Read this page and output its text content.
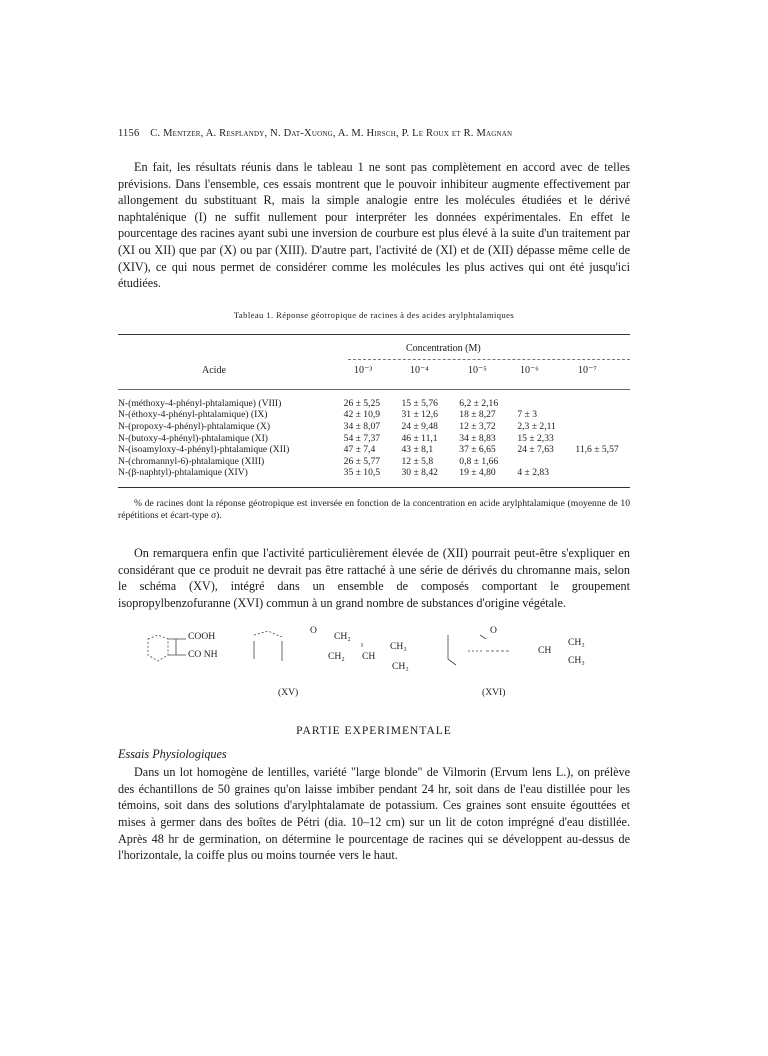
1156 C. Mentzer, A. Resplandy, N. Dat-Xuong, A. M. Hirsch, P. Le Roux et R. Magnan

En fait, les résultats réunis dans le tableau 1 ne sont pas complètement en accord avec de telles prévisions. Dans l'ensemble, ces essais montrent que le pouvoir inhibiteur augmente effectivement par allongement du substituant R, mais la simple analogie entre les molécules étudiées et le dérivé naphtalénique (I) ne suffit nullement pour interpréter les données expérimentales. En effet le pourcentage des racines ayant subi une inversion de courbure est plus élevé à la suite d'un traitement par (XI ou XII) que par (X) ou par (XIII). D'autre part, l'activité de (XI) et de (XII) dépasse même celle de (XIV), ce qui nous permet de considérer comme les molécules les plus actives qui ont été jusqu'ici étudiées.

Tableau 1. Réponse géotropique de racines à des acides arylphtalamiques
Concentration (M)
Acide	10⁻³	10⁻⁴	10⁻⁵	10⁻⁶	10⁻⁷
N-(méthoxy-4-phényl-phtalamique) (VIII)	26 ± 5,25	15 ± 5,76	6,2 ± 2,16		
N-(éthoxy-4-phényl-phtalamique) (IX)	42 ± 10,9	31 ± 12,6	18 ± 8,27	7 ± 3	
N-(propoxy-4-phényl)-phtalamique (X)	34 ± 8,07	24 ± 9,48	12 ± 3,72	2,3 ± 2,11	
N-(butoxy-4-phényl)-phtalamique (XI)	54 ± 7,37	46 ± 11,1	34 ± 8,83	15 ± 2,33	
N-(isoamyloxy-4-phényl)-phtalamique (XII)	47 ± 7,4	43 ± 8,1	37 ± 6,65	24 ± 7,63	11,6 ± 5,57
N-(chromannyl-6)-phtalamique (XIII)	26 ± 5,77	12 ± 5,8	0,8 ± 1,66		
N-(β-naphtyl)-phtalamique (XIV)	35 ± 10,5	30 ± 8,42	19 ± 4,80	4 ± 2,83	

% de racines dont la réponse géotropique est inversée en fonction de la concentration en acide arylphtalamique (moyenne de 10 répétitions et écart-type σ).

On remarquera enfin que l'activité particulièrement élevée de (XII) pourrait peut-être s'expliquer en considérant que ce produit ne devrait pas être rattaché à une série de dérivés du chromanne mais, selon le schéma (XV), intégré dans un ensemble de composés comportant le groupement isopropylbenzofuranne (XVI) commun à un grand nombre de substances d'origine végétale.

COOH
CO NH
O
CH₂
CH₂ CH
CH₃
CH₃
(XV)
O
CH
CH₃
CH₃
(XVI)
PARTIE EXPERIMENTALE
Essais Physiologiques

Dans un lot homogène de lentilles, variété "large blonde" de Vilmorin (Ervum lens L.), on prélève des échantillons de 50 graines qu'on laisse imbiber pendant 24 hr, soit dans de l'eau distillée pour les témoins, soit dans des solutions d'arylphtalamate de potassium. Ces graines sont ensuite égouttées et mises à germer dans des boîtes de Pétri (dia. 10–12 cm) sur un lit de coton imprégné d'eau distillée. Après 48 hr de germination, on détermine le pourcentage de racines qui se développent au-dessus de l'horizontale, la coiffe plus ou moins tournée vers le haut.
